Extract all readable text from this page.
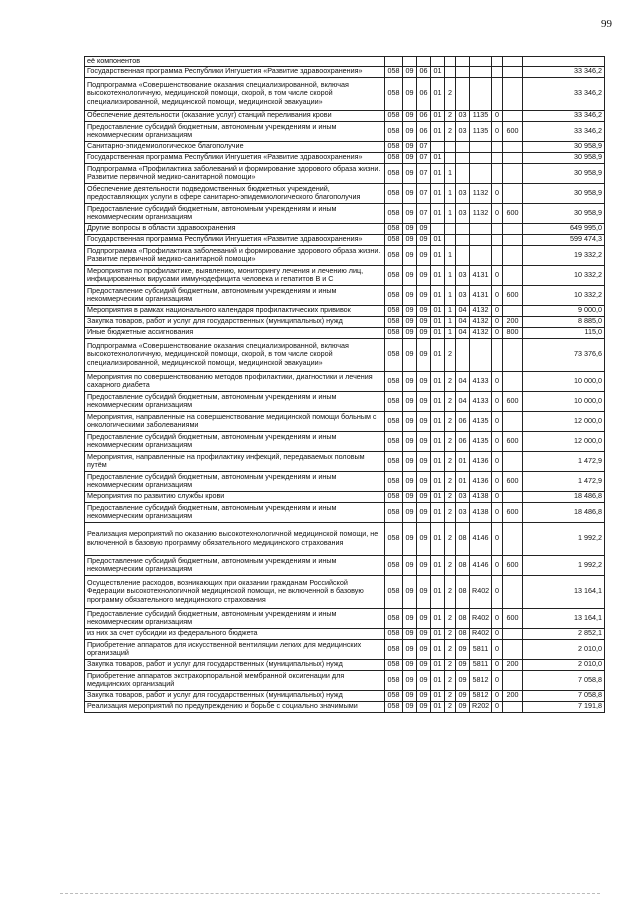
99
её компонентов										
Государственная программа Республики Ингушетия «Развитие здравоохранения»	058	09	06	01						33 346,2
Подпрограмма «Совершенствование оказания специализированной, включая высокотехнологичную, медицинской помощи, скорой, в том числе скорой специализированной, медицинской помощи, медицинской эвакуации»	058	09	06	01	2					33 346,2
Обеспечение деятельности (оказание услуг) станций переливания крови	058	09	06	01	2	03	1135	0		33 346,2
Предоставление субсидий бюджетным, автономным учреждениям и иным некоммерческим организациям	058	09	06	01	2	03	1135	0	600	33 346,2
Санитарно-эпидемиологическое благополучие	058	09	07							30 958,9
Государственная программа Республики Ингушетия «Развитие здравоохранения»	058	09	07	01						30 958,9
Подпрограмма «Профилактика заболеваний и формирование здорового образа жизни. Развитие первичной медико-санитарной помощи»	058	09	07	01	1					30 958,9
Обеспечение деятельности подведомственных бюджетных учреждений, предоставляющих услуги в сфере санитарно-эпидемиологического благополучия	058	09	07	01	1	03	1132	0		30 958,9
Предоставление субсидий бюджетным, автономным учреждениям и иным некоммерческим организациям	058	09	07	01	1	03	1132	0	600	30 958,9
Другие вопросы в области здравоохранения	058	09	09							649 995,0
Государственная программа Республики Ингушетия «Развитие здравоохранения»	058	09	09	01						599 474,3
Подпрограмма «Профилактика заболеваний и формирование здорового образа жизни. Развитие первичной медико-санитарной помощи»	058	09	09	01	1					19 332,2
Мероприятия по профилактике, выявлению, мониторингу лечения и лечению лиц, инфицированных вирусами иммунодефицита человека и гепатитов В и С	058	09	09	01	1	03	4131	0		10 332,2
Предоставление субсидий бюджетным, автономным учреждениям и иным некоммерческим организациям	058	09	09	01	1	03	4131	0	600	10 332,2
Мероприятия в рамках национального календаря профилактических прививок	058	09	09	01	1	04	4132	0		9 000,0
Закупка товаров, работ и услуг для государственных (муниципальных) нужд	058	09	09	01	1	04	4132	0	200	8 885,0
Иные бюджетные ассигнования	058	09	09	01	1	04	4132	0	800	115,0
Подпрограмма «Совершенствование оказания специализированной, включая высокотехнологичную, медицинской помощи, скорой, в том числе скорой специализированной, медицинской помощи, медицинской эвакуации»	058	09	09	01	2					73 376,6
Мероприятия по совершенствованию методов профилактики, диагностики и лечения сахарного диабета	058	09	09	01	2	04	4133	0		10 000,0
Предоставление субсидий бюджетным, автономным учреждениям и иным некоммерческим организациям	058	09	09	01	2	04	4133	0	600	10 000,0
Мероприятия, направленные на совершенствование медицинской помощи больным с онкологическими заболеваниями	058	09	09	01	2	06	4135	0		12 000,0
Предоставление субсидий бюджетным, автономным учреждениям и иным некоммерческим организациям	058	09	09	01	2	06	4135	0	600	12 000,0
Мероприятия, направленные на профилактику инфекций, передаваемых половым путём	058	09	09	01	2	01	4136	0		1 472,9
Предоставление субсидий бюджетным, автономным учреждениям и иным некоммерческим организациям	058	09	09	01	2	01	4136	0	600	1 472,9
Мероприятия по развитию службы крови	058	09	09	01	2	03	4138	0		18 486,8
Предоставление субсидий бюджетным, автономным учреждениям и иным некоммерческим организациям	058	09	09	01	2	03	4138	0	600	18 486,8
Реализация мероприятий по оказанию высокотехнологичной медицинской помощи, не включенной в базовую программу обязательного медицинского страхования	058	09	09	01	2	08	4146	0		1 992,2
Предоставление субсидий бюджетным, автономным учреждениям и иным некоммерческим организациям	058	09	09	01	2	08	4146	0	600	1 992,2
Осуществление расходов, возникающих при оказании гражданам Российской Федерации высокотехнологичной медицинской помощи, не включенной в базовую программу обязательного медицинского страхования	058	09	09	01	2	08	R402	0		13 164,1
Предоставление субсидий бюджетным, автономным учреждениям и иным некоммерческим организациям	058	09	09	01	2	08	R402	0	600	13 164,1
из них за счет субсидии из федерального бюджета	058	09	09	01	2	08	R402	0		2 852,1
Приобретение аппаратов для искусственной вентиляции легких для медицинских организаций	058	09	09	01	2	09	5811	0		2 010,0
Закупка товаров, работ и услуг для государственных (муниципальных) нужд	058	09	09	01	2	09	5811	0	200	2 010,0
Приобретение аппаратов экстракорпоральной мембранной оксигенации для медицинских организаций	058	09	09	01	2	09	5812	0		7 058,8
Закупка товаров, работ и услуг для государственных (муниципальных) нужд	058	09	09	01	2	09	5812	0	200	7 058,8
Реализация мероприятий по предупреждению и борьбе с социально значимыми	058	09	09	01	2	09	R202	0		7 191,8
